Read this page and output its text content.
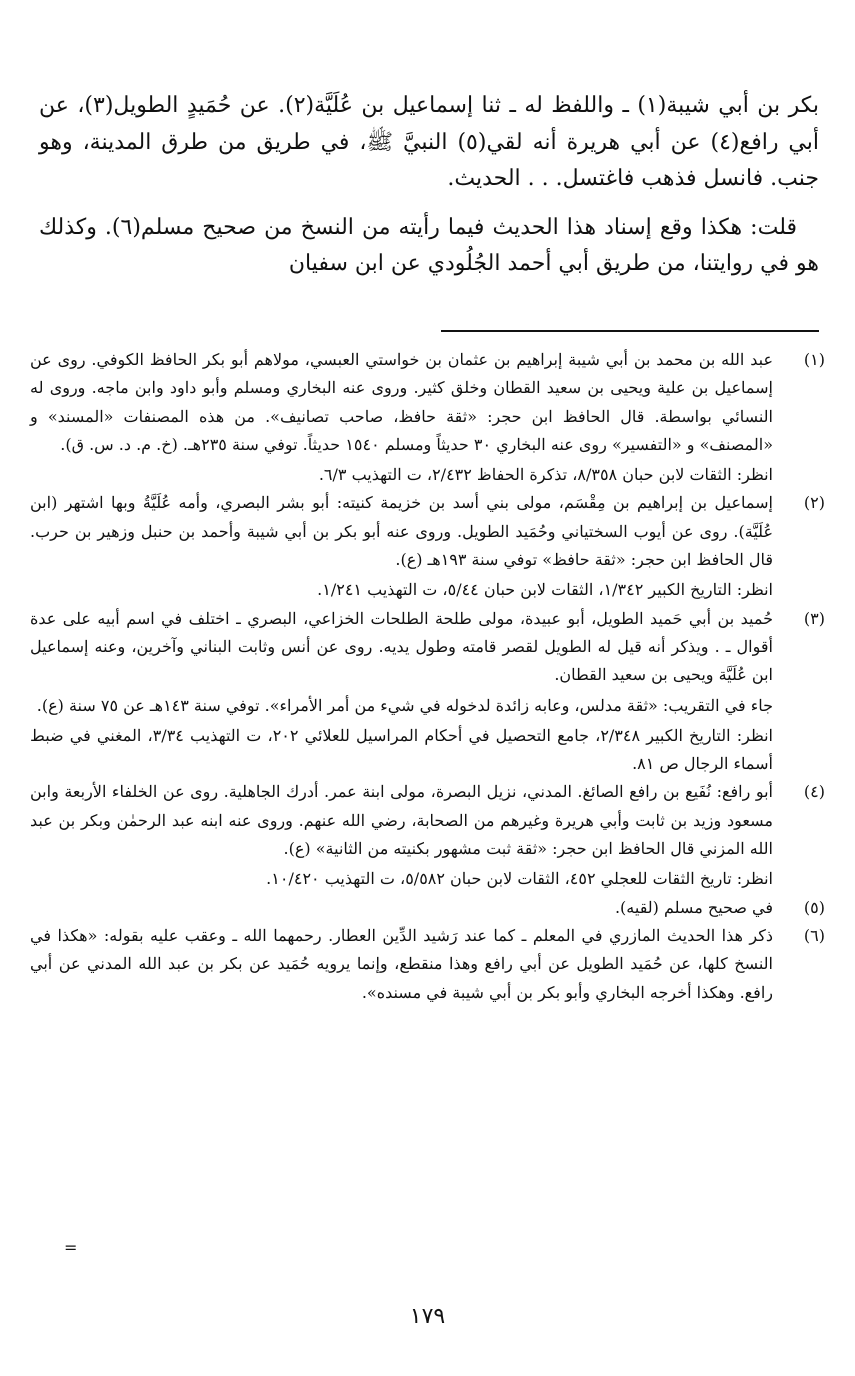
بكر بن أبي شيبة(١) ـ واللفظ له ـ ثنا إسماعيل بن عُلَيَّة(٢). عن حُمَيدٍ الطويل(٣)، عن أبي رافع(٤) عن أبي هريرة أنه لقي(٥) النبيَّ ﷺ، في طريق من طرق المدينة، وهو جنب. فانسل فذهب فاغتسل. . . الحديث.

قلت: هكذا وقع إسناد هذا الحديث فيما رأيته من النسخ من صحيح مسلم(٦). وكذلك هو في روايتنا، من طريق أبي أحمد الجُلُودي عن ابن سفيان

(١)

عبد الله بن محمد بن أبي شيبة إبراهيم بن عثمان بن خواستي العبسي، مولاهم أبو بكر الحافظ الكوفي. روى عن إسماعيل بن علية ويحيى بن سعيد القطان وخلق كثير. وروى عنه البخاري ومسلم وأبو داود وابن ماجه. وروى له النسائي بواسطة. قال الحافظ ابن حجر: «ثقة حافظ، صاحب تصانيف». من هذه المصنفات «المسند» و «المصنف» و «التفسير» روى عنه البخاري ٣٠ حديثاً ومسلم ١٥٤٠ حديثاً. توفي سنة ٢٣٥هـ. (خ. م. د. س. ق).

انظر: الثقات لابن حبان ٨/٣٥٨، تذكرة الحفاظ ٢/٤٣٢، ت التهذيب ٦/٣.

(٢)

إسماعيل بن إبراهيم بن مِقْسَم، مولى بني أسد بن خزيمة كنيته: أبو بشر البصري، وأمه عُلَيَّةُ وبها اشتهر (ابن عُلَيَّة). روى عن أيوب السختياني وحُمَيد الطويل. وروى عنه أبو بكر بن أبي شيبة وأحمد بن حنبل وزهير بن حرب. قال الحافظ ابن حجر: «ثقة حافظ» توفي سنة ١٩٣هـ (ع).

انظر: التاريخ الكبير ١/٣٤٢، الثقات لابن حبان ٥/٤٤، ت التهذيب ١/٢٤١.

(٣)

حُميد بن أبي حَميد الطويل، أبو عبيدة، مولى طلحة الطلحات الخزاعي، البصري ـ اختلف في اسم أبيه على عدة أقوال ـ . ويذكر أنه قيل له الطويل لقصر قامته وطول يديه. روى عن أنس وثابت البناني وآخرين، وعنه إسماعيل ابن عُلَيَّة ويحيى بن سعيد القطان.

جاء في التقريب: «ثقة مدلس، وعابه زائدة لدخوله في شيء من أمر الأمراء». توفي سنة ١٤٣هـ عن ٧٥ سنة (ع).

انظر: التاريخ الكبير ٢/٣٤٨، جامع التحصيل في أحكام المراسيل للعلائي ٢٠٢، ت التهذيب ٣/٣٤، المغني في ضبط أسماء الرجال ص ٨١.

(٤)

أبو رافع: نُفَيع بن رافع الصائغ. المدني، نزيل البصرة، مولى ابنة عمر. أدرك الجاهلية. روى عن الخلفاء الأربعة وابن مسعود وزيد بن ثابت وأبي هريرة وغيرهم من الصحابة، رضي الله عنهم. وروى عنه ابنه عبد الرحمٰن وبكر بن عبد الله المزني قال الحافظ ابن حجر: «ثقة ثبت مشهور بكنيته من الثانية» (ع).

انظر: تاريخ الثقات للعجلي ٤٥٢، الثقات لابن حبان ٥/٥٨٢، ت التهذيب ١٠/٤٢٠.

(٥)

في صحيح مسلم (لقيه).

(٦)

ذكر هذا الحديث المازري في المعلم ـ كما عند رَشيد الدِّين العطار. رحمهما الله ـ وعقب عليه بقوله: «هكذا في النسخ كلها، عن حُمَيد الطويل عن أبي رافع وهذا منقطع، وإنما يرويه حُمَيد عن بكر بن عبد الله المدني عن أبي رافع. وهكذا أخرجه البخاري وأبو بكر بن أبي شيبة في مسنده».

=
١٧٩
